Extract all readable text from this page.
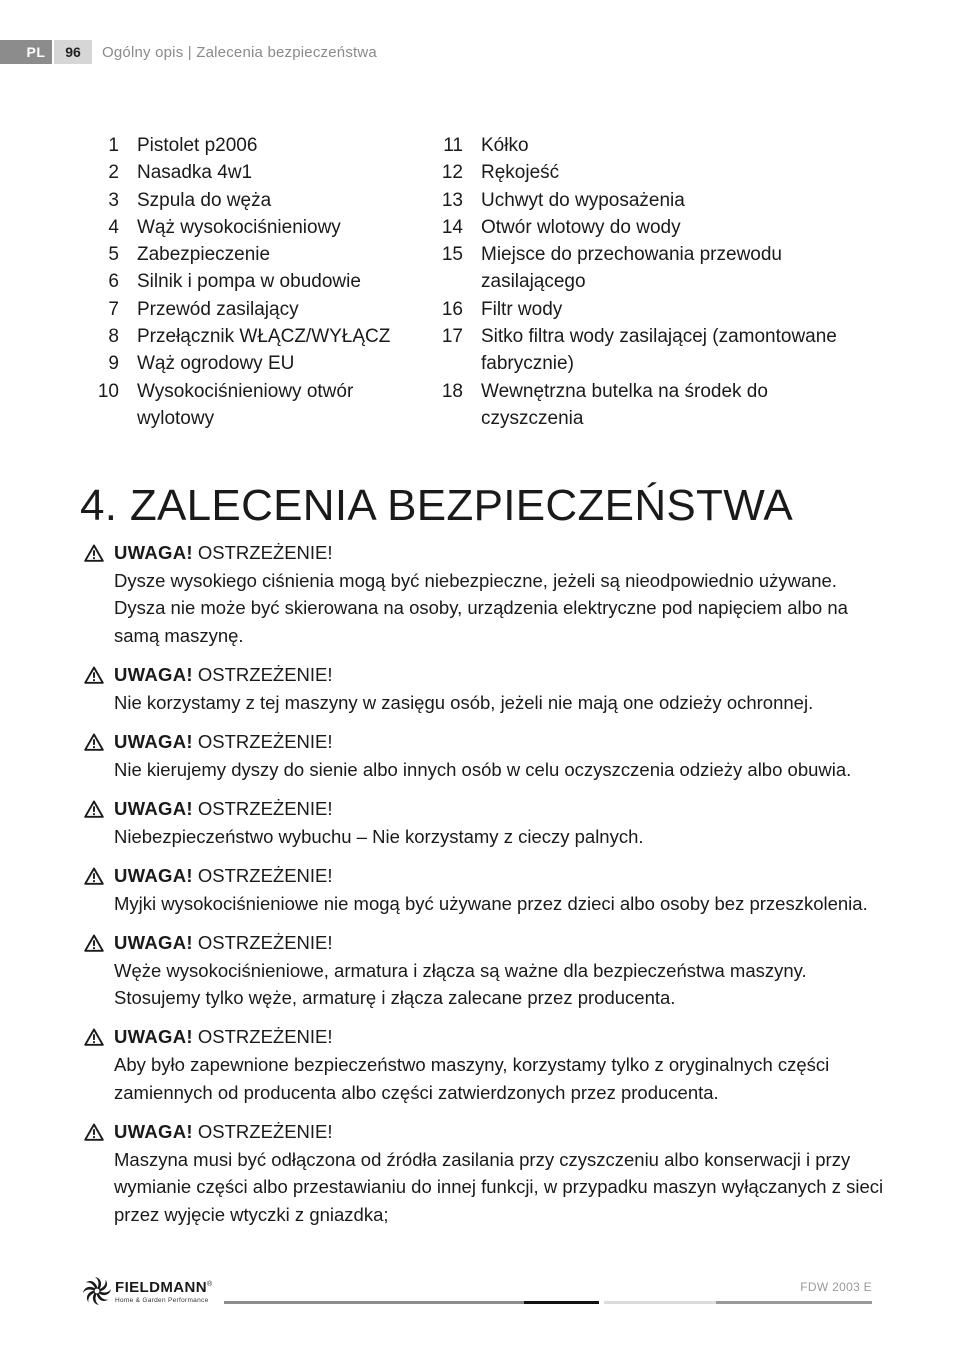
PL	96	Ogólny opis | Zalecenia bezpieczeństwa
1 Pistolet p2006
2 Nasadka 4w1
3 Szpula do węża
4 Wąż wysokociśnieniowy
5 Zabezpieczenie
6 Silnik i pompa w obudowie
7 Przewód zasilający
8 Przełącznik WŁĄCZ/WYŁĄCZ
9 Wąż ogrodowy EU
10 Wysokociśnieniowy otwór wylotowy
11 Kółko
12 Rękojeść
13 Uchwyt do wyposażenia
14 Otwór wlotowy do wody
15 Miejsce do przechowania przewodu zasilającego
16 Filtr wody
17 Sitko filtra wody zasilającej (zamontowane fabrycznie)
18 Wewnętrzna butelka na środek do czyszczenia
4. ZALECENIA BEZPIECZEŃSTWA
UWAGA! OSTRZEŻENIE!
Dysze wysokiego ciśnienia mogą być niebezpieczne, jeżeli są nieodpowiednio używane. Dysza nie może być skierowana na osoby, urządzenia elektryczne pod napięciem albo na samą maszynę.
UWAGA! OSTRZEŻENIE!
Nie korzystamy z tej maszyny w zasięgu osób, jeżeli nie mają one odzieży ochronnej.
UWAGA! OSTRZEŻENIE!
Nie kierujemy dyszy do sienie albo innych osób w celu oczyszczenia odzieży albo obuwia.
UWAGA! OSTRZEŻENIE!
Niebezpieczeństwo wybuchu – Nie korzystamy z cieczy palnych.
UWAGA! OSTRZEŻENIE!
Myjki wysokociśnieniowe nie mogą być używane przez dzieci albo osoby bez przeszkolenia.
UWAGA! OSTRZEŻENIE!
Węże wysokociśnieniowe, armatura i złącza są ważne dla bezpieczeństwa maszyny. Stosujemy tylko węże, armaturę i złącza zalecane przez producenta.
UWAGA! OSTRZEŻENIE!
Aby było zapewnione bezpieczeństwo maszyny, korzystamy tylko z oryginalnych części zamiennych od producenta albo części zatwierdzonych przez producenta.
UWAGA! OSTRZEŻENIE!
Maszyna musi być odłączona od źródła zasilania przy czyszczeniu albo konserwacji i przy wymianie części albo przestawianiu do innej funkcji, w przypadku maszyn wyłączanych z sieci przez wyjęcie wtyczki z gniazdka;
FIELDMANN®
Home & Garden Performance
FDW 2003 E
